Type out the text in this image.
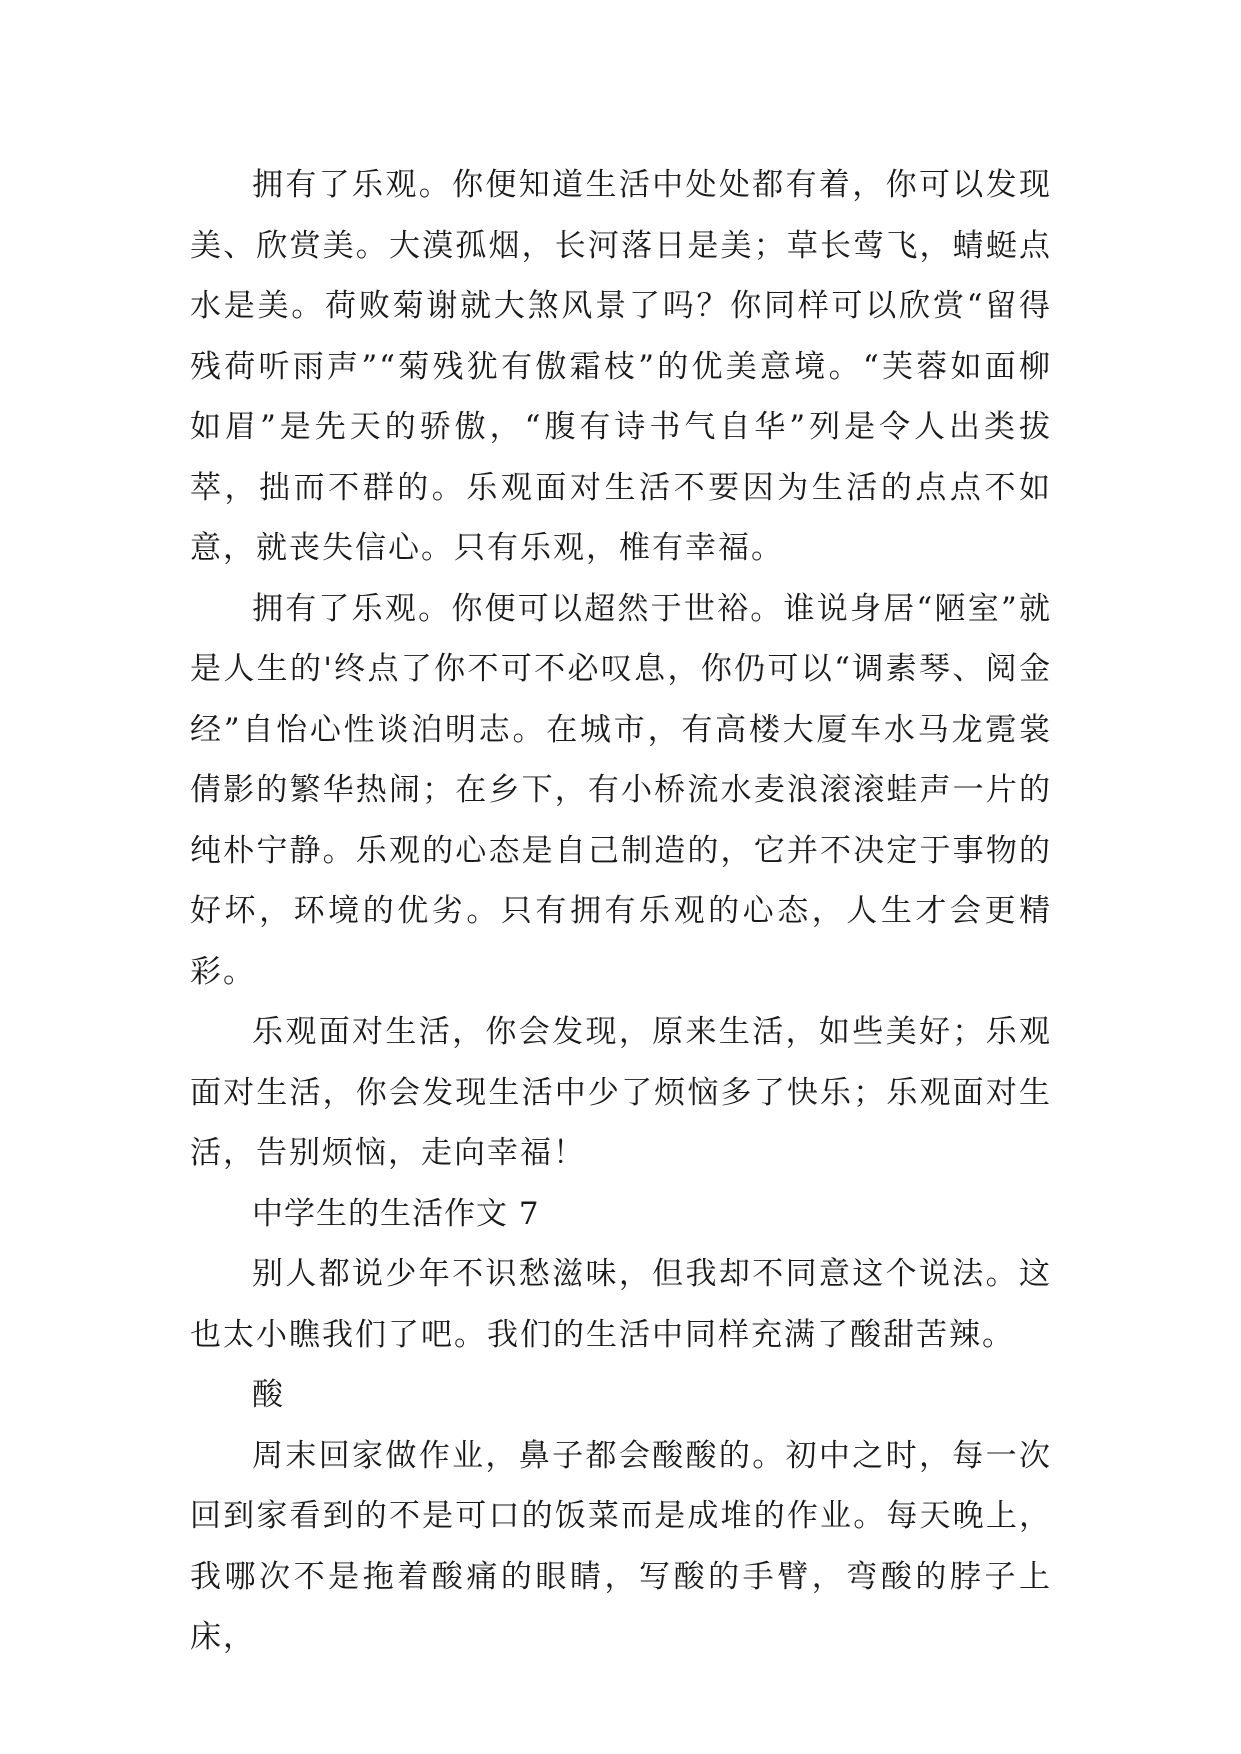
拥有了乐观。你便知道生活中处处都有着，你可以发现美、欣赏美。大漠孤烟，长河落日是美；草长莺飞，蜻蜓点水是美。荷败菊谢就大煞风景了吗？你同样可以欣赏“留得残荷听雨声”“菊残犹有傲霜枝”的优美意境。“芙蓉如面柳如眉”是先天的骄傲，“腹有诗书气自华”列是令人出类拔萃，拙而不群的。乐观面对生活不要因为生活的点点不如意，就丧失信心。只有乐观，椎有幸福。

拥有了乐观。你便可以超然于世裕。谁说身居“陋室”就是人生的'终点了你不可不必叹息，你仍可以“调素琴、阅金经”自怡心性谈泊明志。在城市，有高楼大厦车水马龙霓裳倩影的繁华热闹；在乡下，有小桥流水麦浪滚滚蛙声一片的纯朴宁静。乐观的心态是自己制造的，它并不决定于事物的好坏，环境的优劣。只有拥有乐观的心态，人生才会更精彩。

乐观面对生活，你会发现，原来生活，如些美好；乐观面对生活，你会发现生活中少了烦恼多了快乐；乐观面对生活，告别烦恼，走向幸福！

中学生的生活作文 7

别人都说少年不识愁滋味，但我却不同意这个说法。这也太小瞧我们了吧。我们的生活中同样充满了酸甜苦辣。

酸

周末回家做作业，鼻子都会酸酸的。初中之时，每一次回到家看到的不是可口的饭菜而是成堆的作业。每天晚上，我哪次不是拖着酸痛的眼睛，写酸的手臂，弯酸的脖子上床，
